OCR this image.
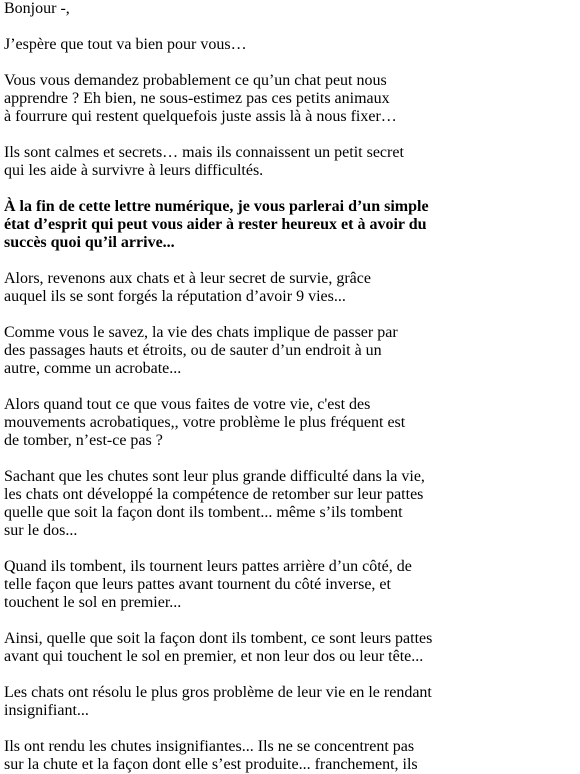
Bonjour -,

J’espère que tout va bien pour vous…

Vous vous demandez probablement ce qu’un chat peut nous
apprendre ? Eh bien, ne sous-estimez pas ces petits animaux
à fourrure qui restent quelquefois juste assis là à nous fixer…

Ils sont calmes et secrets… mais ils connaissent un petit secret
qui les aide à survivre à leurs difficultés.

À la fin de cette lettre numérique, je vous parlerai d’un simple
état d’esprit qui peut vous aider à rester heureux et à avoir du
succès quoi qu’il arrive...

Alors, revenons aux chats et à leur secret de survie, grâce
auquel ils se sont forgés la réputation d’avoir 9 vies...

Comme vous le savez, la vie des chats implique de passer par
des passages hauts et étroits, ou de sauter d’un endroit à un
autre, comme un acrobate...

Alors quand tout ce que vous faites de votre vie, c'est des
mouvements acrobatiques,, votre problème le plus fréquent est
de tomber, n’est-ce pas ?

Sachant que les chutes sont leur plus grande difficulté dans la vie,
les chats ont développé la compétence de retomber sur leur pattes
quelle que soit la façon dont ils tombent... même s’ils tombent
sur le dos...

Quand ils tombent, ils tournent leurs pattes arrière d’un côté, de
telle façon que leurs pattes avant tournent du côté inverse, et
touchent le sol en premier...

Ainsi, quelle que soit la façon dont ils tombent, ce sont leurs pattes
avant qui touchent le sol en premier, et non leur dos ou leur tête...

Les chats ont résolu le plus gros problème de leur vie en le rendant
insignifiant...

Ils ont rendu les chutes insignifiantes... Ils ne se concentrent pas
sur la chute et la façon dont elle s’est produite... franchement, ils
